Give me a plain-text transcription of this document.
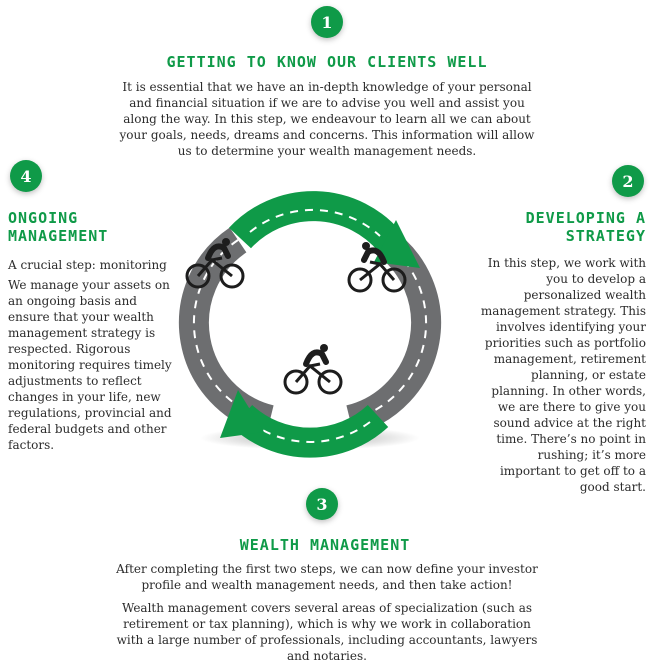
1
GETTING TO KNOW OUR CLIENTS WELL
It is essential that we have an in-depth knowledge of your personal and financial situation if we are to advise you well and assist you along the way. In this step, we endeavour to learn all we can about your goals, needs, dreams and concerns. This information will allow us to determine your wealth management needs.
4
ONGOING
MANAGEMENT

A crucial step: monitoring

We manage your assets on an ongoing basis and ensure that your wealth management strategy is respected. Rigorous monitoring requires timely adjustments to reflect changes in your life, new regulations, provincial and federal budgets and other factors.

2
DEVELOPING A
STRATEGY
In this step, we work with you to develop a personalized wealth management strategy. This involves identifying your priorities such as portfolio management, retirement planning, or estate planning. In other words, we are there to give you sound advice at the right time. There’s no point in rushing; it’s more important to get off to a good start.
3
WEALTH MANAGEMENT
After completing the first two steps, we can now define your investor profile and wealth management needs, and then take action!
Wealth management covers several areas of specialization (such as retirement or tax planning), which is why we work in collaboration with a large number of professionals, including accountants, lawyers and notaries.
